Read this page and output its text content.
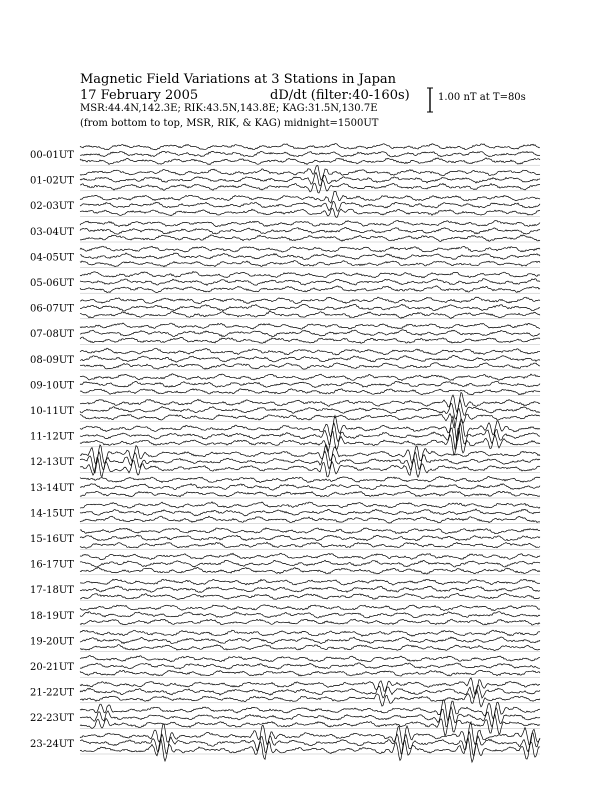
Magnetic Field Variations at 3 Stations in Japan
17 February 2005	dD/dt (filter:40-160s)
MSR:44.4N,142.3E; RIK:43.5N,143.8E; KAG:31.5N,130.7E
(from bottom to top, MSR, RIK, & KAG) midnight=1500UT
1.00 nT at T=80s
00-01UT
01-02UT
02-03UT
03-04UT
04-05UT
05-06UT
06-07UT
07-08UT
08-09UT
09-10UT
10-11UT
11-12UT
12-13UT
13-14UT
14-15UT
15-16UT
16-17UT
17-18UT
18-19UT
19-20UT
20-21UT
21-22UT
22-23UT
23-24UT
